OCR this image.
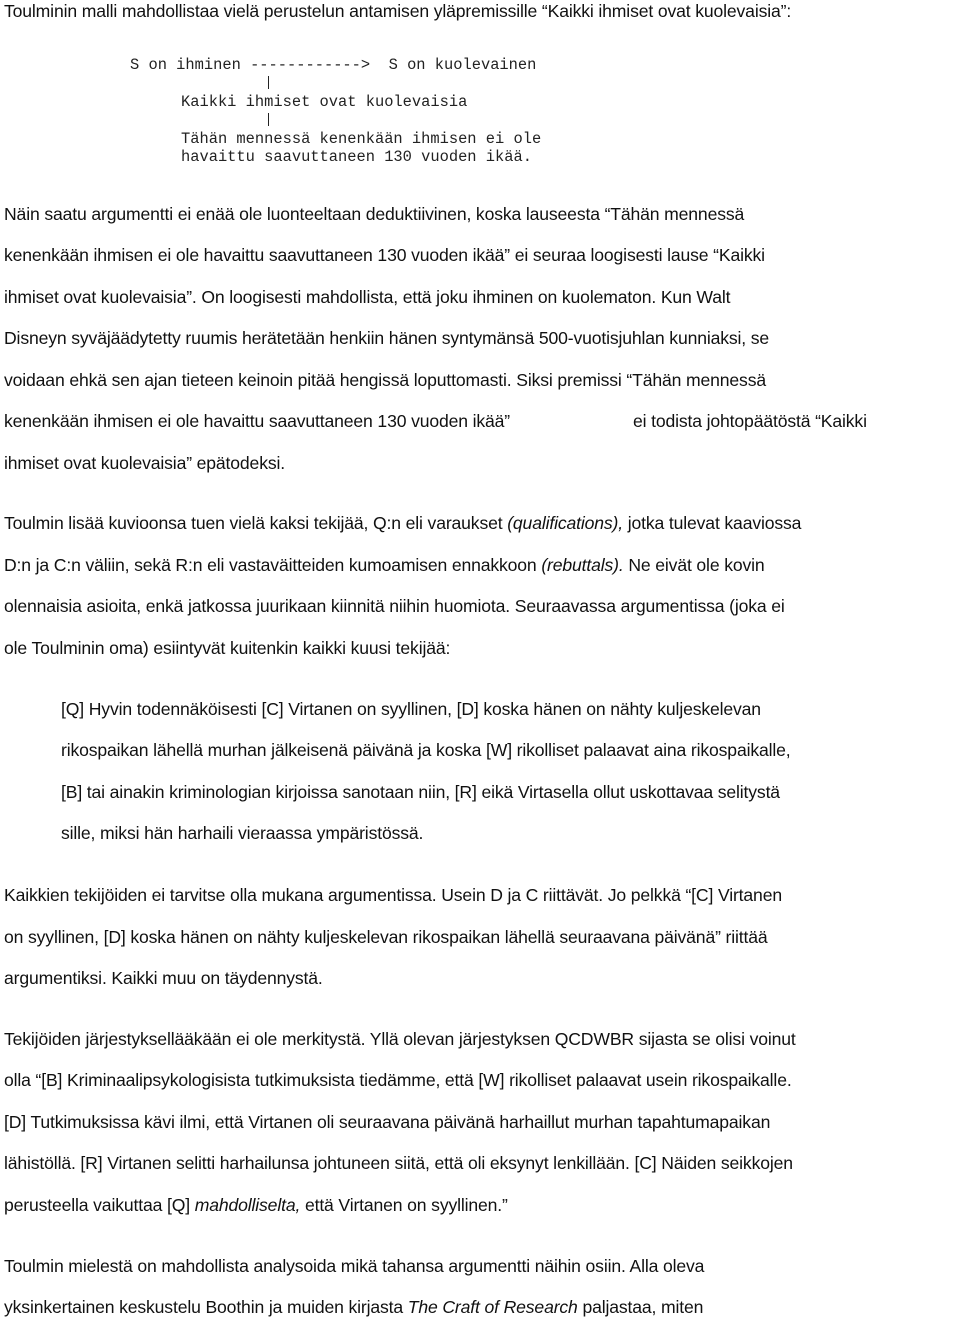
Toulminin malli mahdollistaa vielä perustelun antamisen yläpremissille “Kaikki ihmiset ovat kuolevaisia”:
S on ihminen ------------>  S on kuolevainen
Kaikki ihmiset ovat kuolevaisia
Tähän mennessä kenenkään ihmisen ei ole
havaittu saavuttaneen 130 vuoden ikää.
Näin saatu argumentti ei enää ole luonteeltaan deduktiivinen, koska lauseesta “Tähän mennessä
kenenkään ihmisen ei ole havaittu saavuttaneen 130 vuoden ikää” ei seuraa loogisesti lause “Kaikki
ihmiset ovat kuolevaisia”. On loogisesti mahdollista, että joku ihminen on kuolematon. Kun Walt
Disneyn syväjäädytetty ruumis herätetään henkiin hänen syntymänsä 500-vuotisjuhlan kunniaksi, se
voidaan ehkä sen ajan tieteen keinoin pitää hengissä loputtomasti. Siksi premissi “Tähän mennessä
kenenkään ihmisen ei ole havaittu saavuttaneen 130 vuoden ikää”	ei todista johtopäätöstä “Kaikki
ihmiset ovat kuolevaisia” epätodeksi.
Toulmin lisää kuvioonsa tuen vielä kaksi tekijää, Q:n eli varaukset (qualifications), jotka tulevat kaaviossa
D:n ja C:n väliin, sekä R:n eli vastaväitteiden kumoamisen ennakkoon (rebuttals). Ne eivät ole kovin
olennaisia asioita, enkä jatkossa juurikaan kiinnitä niihin huomiota. Seuraavassa argumentissa (joka ei
ole Toulminin oma) esiintyvät kuitenkin kaikki kuusi tekijää:
[Q] Hyvin todennäköisesti [C] Virtanen on syyllinen, [D] koska hänen on nähty kuljeskelevan
rikospaikan lähellä murhan jälkeisenä päivänä ja koska [W] rikolliset palaavat aina rikospaikalle,
[B] tai ainakin kriminologian kirjoissa sanotaan niin, [R] eikä Virtasella ollut uskottavaa selitystä
sille, miksi hän harhaili vieraassa ympäristössä.
Kaikkien tekijöiden ei tarvitse olla mukana argumentissa. Usein D ja C riittävät. Jo pelkkä “[C] Virtanen
on syyllinen, [D] koska hänen on nähty kuljeskelevan rikospaikan lähellä seuraavana päivänä” riittää
argumentiksi. Kaikki muu on täydennystä.
Tekijöiden järjestyksellääkään ei ole merkitystä. Yllä olevan järjestyksen QCDWBR sijasta se olisi voinut
olla “[B] Kriminaalipsykologisista tutkimuksista tiedämme, että [W] rikolliset palaavat usein rikospaikalle.
[D] Tutkimuksissa kävi ilmi, että Virtanen oli seuraavana päivänä harhaillut murhan tapahtumapaikan
lähistöllä. [R] Virtanen selitti harhailunsa johtuneen siitä, että oli eksynyt lenkillään. [C] Näiden seikkojen
perusteella vaikuttaa [Q] mahdolliselta, että Virtanen on syyllinen.”
Toulmin mielestä on mahdollista analysoida mikä tahansa argumentti näihin osiin. Alla oleva
yksinkertainen keskustelu Boothin ja muiden kirjasta The Craft of Research paljastaa, miten
